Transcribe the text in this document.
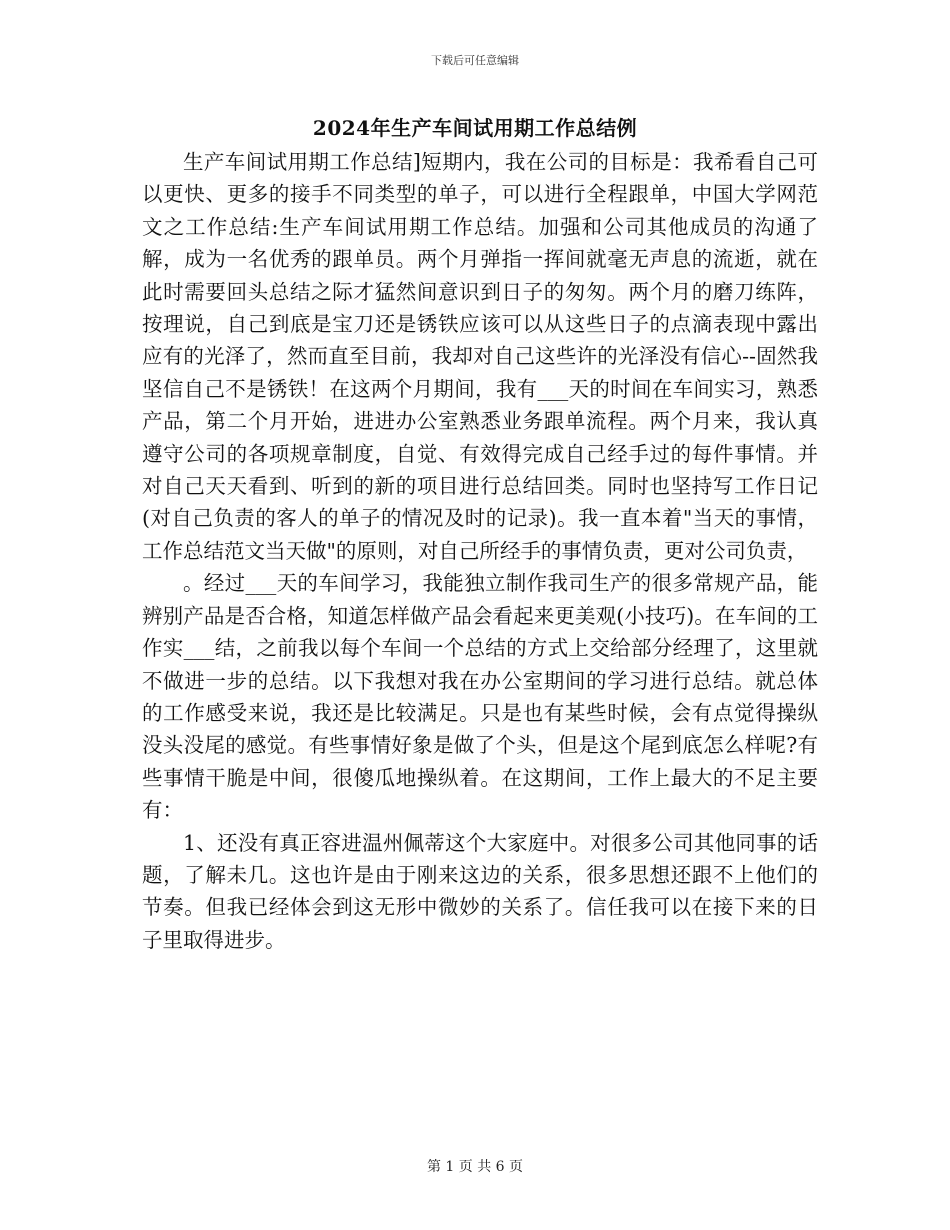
下载后可任意编辑
2024年生产车间试用期工作总结例

生产车间试用期工作总结]短期内，我在公司的目标是：我希看自己可以更快、更多的接手不同类型的单子，可以进行全程跟单，中国大学网范文之工作总结:生产车间试用期工作总结。加强和公司其他成员的沟通了解，成为一名优秀的跟单员。两个月弹指一挥间就毫无声息的流逝，就在此时需要回头总结之际才猛然间意识到日子的匆匆。两个月的磨刀练阵，按理说，自己到底是宝刀还是锈铁应该可以从这些日子的点滴表现中露出应有的光泽了，然而直至目前，我却对自己这些许的光泽没有信心--固然我坚信自己不是锈铁！在这两个月期间，我有___天的时间在车间实习，熟悉产品，第二个月开始，进进办公室熟悉业务跟单流程。两个月来，我认真遵守公司的各项规章制度，自觉、有效得完成自己经手过的每件事情。并对自己天天看到、听到的新的项目进行总结回类。同时也坚持写工作日记(对自己负责的客人的单子的情况及时的记录)。我一直本着"当天的事情，工作总结范文当天做"的原则，对自己所经手的事情负责，更对公司负责，

。经过___天的车间学习，我能独立制作我司生产的很多常规产品，能辨别产品是否合格，知道怎样做产品会看起来更美观(小技巧)。在车间的工作实___结，之前我以每个车间一个总结的方式上交给部分经理了，这里就不做进一步的总结。以下我想对我在办公室期间的学习进行总结。就总体的工作感受来说，我还是比较满足。只是也有某些时候，会有点觉得操纵没头没尾的感觉。有些事情好象是做了个头，但是这个尾到底怎么样呢?有些事情干脆是中间，很傻瓜地操纵着。在这期间，工作上最大的不足主要有：

1、还没有真正容进温州佩蒂这个大家庭中。对很多公司其他同事的话题，了解未几。这也许是由于刚来这边的关系，很多思想还跟不上他们的节奏。但我已经体会到这无形中微妙的关系了。信任我可以在接下来的日子里取得进步。

第 1 页 共 6 页
